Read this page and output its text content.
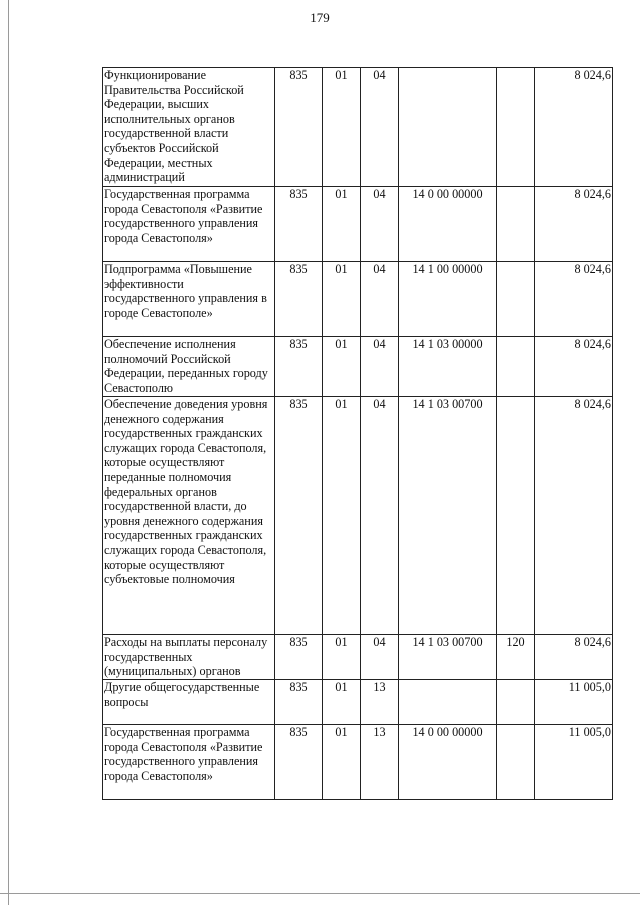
179
Функционирование Правительства Российской Федерации, высших исполнительных органов государственной власти субъектов Российской Федерации, местных администраций	835	01	04			8 024,6
Государственная программа города Севастополя «Развитие государственного управления города Севастополя»	835	01	04	14 0 00 00000		8 024,6
Подпрограмма «Повышение эффективности государственного управления в городе Севастополе»	835	01	04	14 1 00 00000		8 024,6
Обеспечение исполнения полномочий Российской Федерации, переданных городу Севастополю	835	01	04	14 1 03 00000		8 024,6
Обеспечение доведения уровня денежного содержания государственных гражданских служащих города Севастополя, которые осуществляют переданные полномочия федеральных органов государственной власти, до уровня денежного содержания государственных гражданских служащих города Севастополя, которые осуществляют субъектовые полномочия	835	01	04	14 1 03 00700		8 024,6
Расходы на выплаты персоналу государственных (муниципальных) органов	835	01	04	14 1 03 00700	120	8 024,6
Другие общегосударственные вопросы	835	01	13			11 005,0
Государственная программа города Севастополя «Развитие государственного управления города Севастополя»	835	01	13	14 0 00 00000		11 005,0
